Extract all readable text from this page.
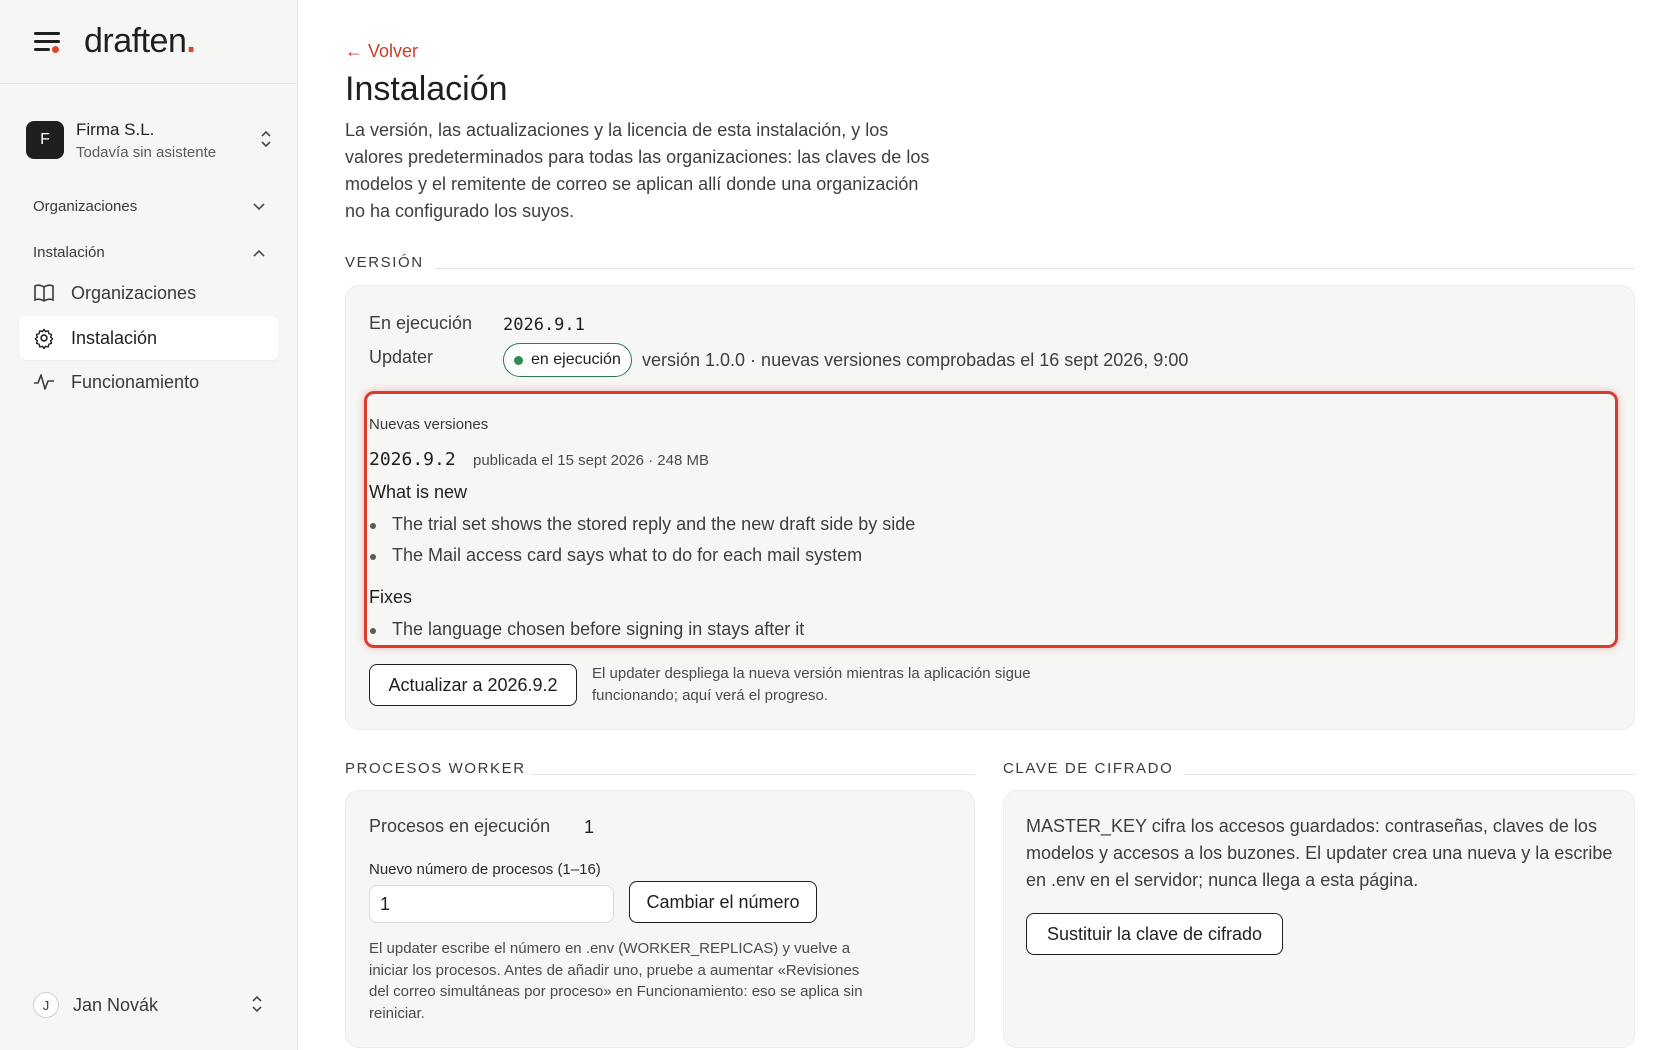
draften.
F
Firma S.L.
Todavía sin asistente
Organizaciones
Instalación
Organizaciones
Instalación
Funcionamiento
J	Jan Novák
← Volver
Instalación

La versión, las actualizaciones y la licencia de esta instalación, y los valores predeterminados para todas las organizaciones: las claves de los modelos y el remitente de correo se aplican allí donde una organización no ha configurado los suyos.

VERSIÓN
En ejecución 2026.9.1
Updater	en ejecución versión 1.0.0 · nuevas versiones comprobadas el 16 sept 2026, 9:00
Nuevas versiones
2026.9.2 publicada el 15 sept 2026 · 248 MB
What is new
The trial set shows the stored reply and the new draft side by side
The Mail access card says what to do for each mail system
Fixes
The language chosen before signing in stays after it
Actualizar a 2026.9.2
El updater despliega la nueva versión mientras la aplicación sigue funcionando; aquí verá el progreso.
PROCESOS WORKER
Procesos en ejecución 1
Nuevo número de procesos (1–16)
1
Cambiar el número
El updater escribe el número en .env (WORKER_REPLICAS) y vuelve a iniciar los procesos. Antes de añadir uno, pruebe a aumentar «Revisiones del correo simultáneas por proceso» en Funcionamiento: eso se aplica sin reiniciar.
CLAVE DE CIFRADO
MASTER_KEY cifra los accesos guardados: contraseñas, claves de los modelos y accesos a los buzones. El updater crea una nueva y la escribe en .env en el servidor; nunca llega a esta página.
Sustituir la clave de cifrado
